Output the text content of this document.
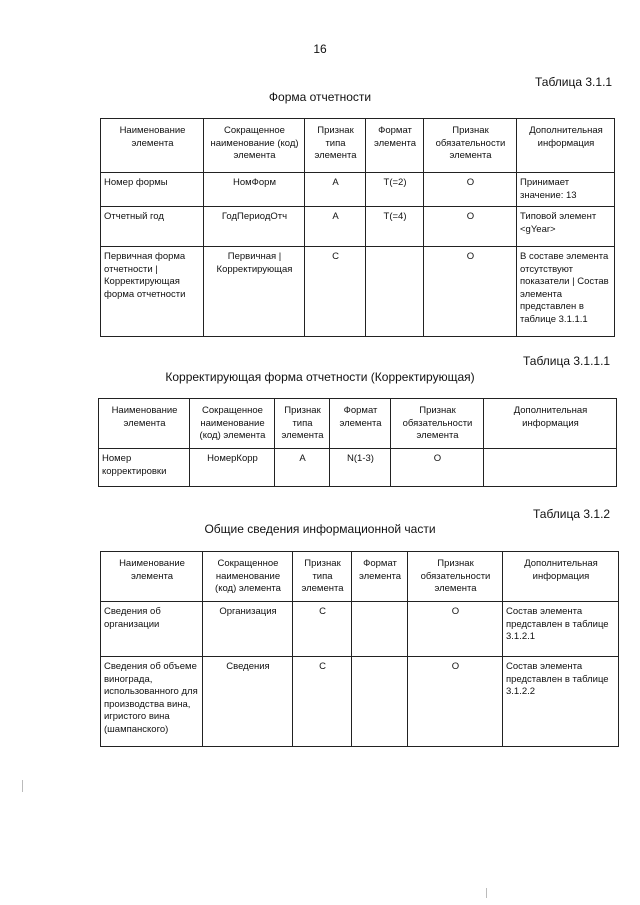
16
Таблица 3.1.1
Форма отчетности
Наименование элемента	Сокращенное наименование (код) элемента	Признак типа элемента	Формат элемента	Признак обязательности элемента	Дополнительная информация
Номер формы	НомФорм	А	T(=2)	О	Принимает значение: 13
Отчетный год	ГодПериодОтч	А	T(=4)	О	Типовой элемент <gYear>
Первичная форма отчетности | Корректирующая форма отчетности	Первичная | Корректирующая	С		О	В составе элемента отсутствуют показатели | Состав элемента представлен в таблице 3.1.1.1
Таблица 3.1.1.1
Корректирующая форма отчетности (Корректирующая)
Наименование элемента	Сокращенное наименование (код) элемента	Признак типа элемента	Формат элемента	Признак обязательности элемента	Дополнительная информация
Номер корректировки	НомерКорр	А	N(1-3)	О	
Таблица 3.1.2
Общие сведения информационной части
Наименование элемента	Сокращенное наименование (код) элемента	Признак типа элемента	Формат элемента	Признак обязательности элемента	Дополнительная информация
Сведения об организации	Организация	С		О	Состав элемента представлен в таблице 3.1.2.1
Сведения об объеме винограда, использованного для производства вина, игристого вина (шампанского)	Сведения	С		О	Состав элемента представлен в таблице 3.1.2.2
